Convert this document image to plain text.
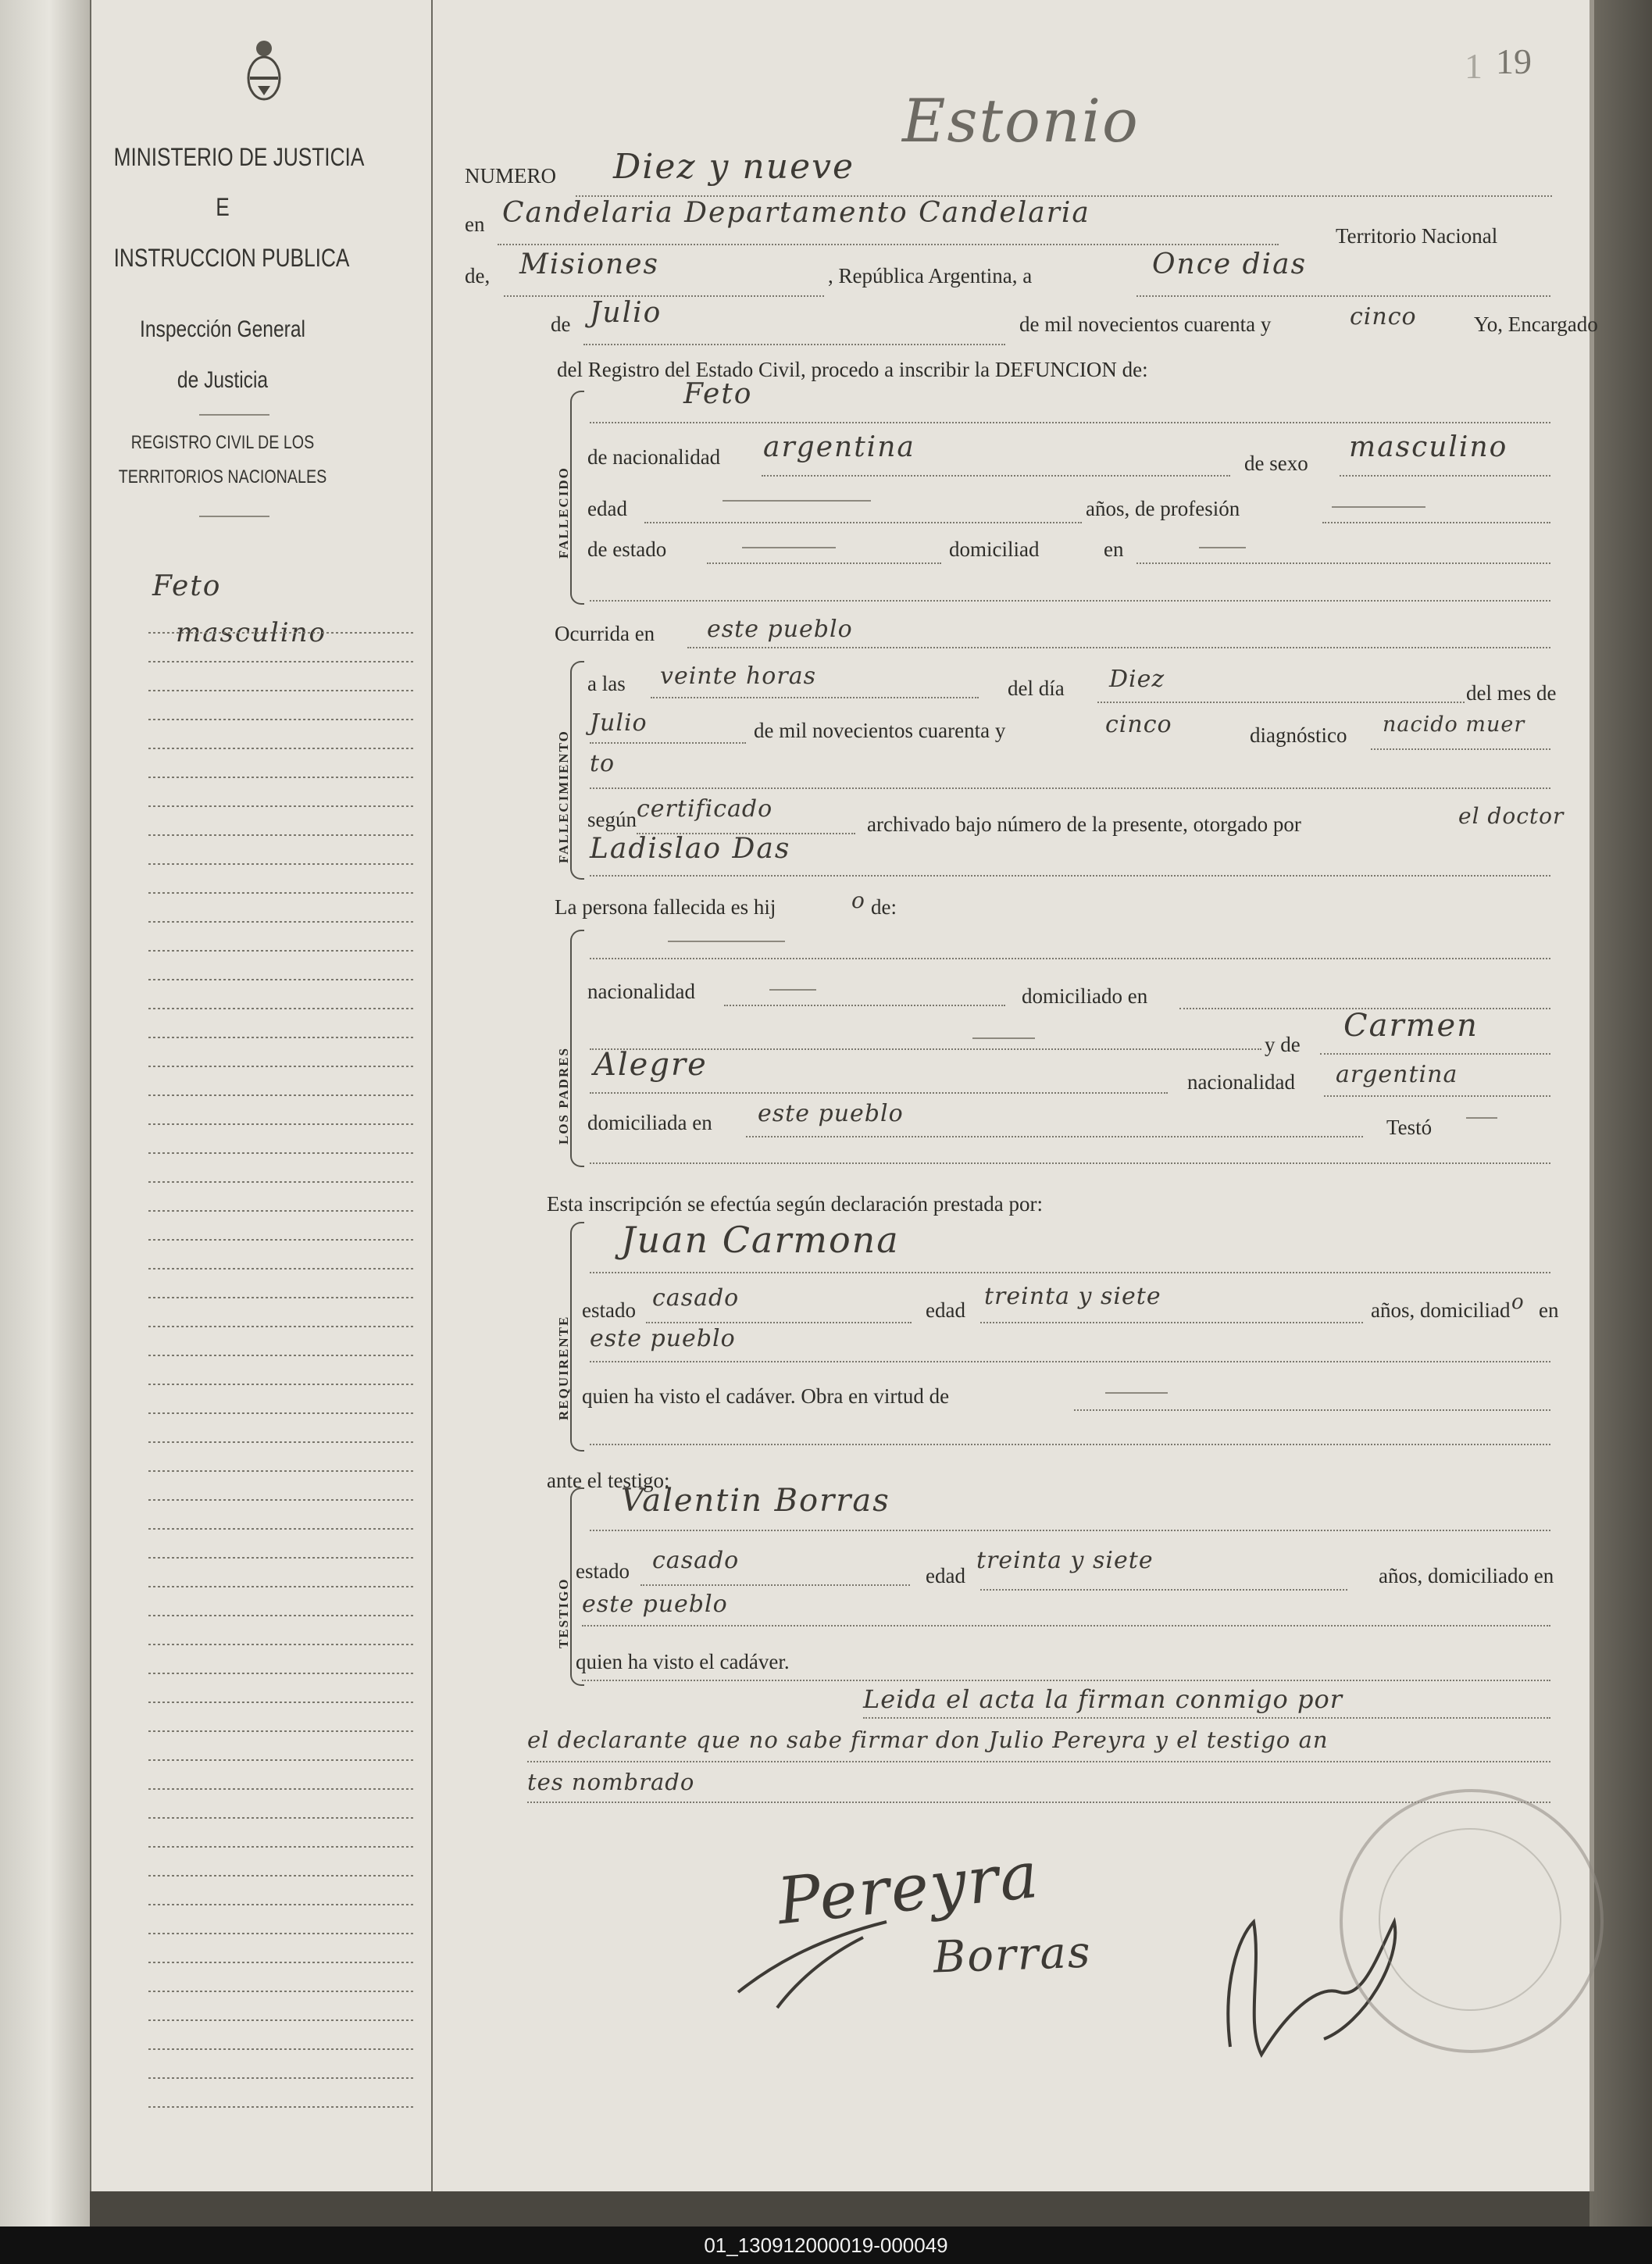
MINISTERIO DE JUSTICIA
E
INSTRUCCION PUBLICA
Inspección General
de Justicia
REGISTRO CIVIL DE LOS
TERRITORIOS NACIONALES
Feto
masculino
1 19
Estonio
NUMERO Diez y nueve
en Candelaria Departamento Candelaria
Territorio Nacional
de, Misiones	, República Argentina, a	Once dias
de Julio	de mil novecientos cuarenta y	cinco	Yo, Encargado
del Registro del Estado Civil, procedo a inscribir la DEFUNCION de:
FALLECIDO
Feto
de nacionalidad argentina	de sexo masculino
edad	años, de profesión
de estado	domiciliad	en
Ocurrida en este pueblo
FALLECIMIENTO
a las veinte horas	del día Diez	del mes de
Julio	de mil novecientos cuarenta y	cinco	diagnóstico nacido muer
to
según certificado
archivado bajo número de la presente, otorgado por	el doctor
Ladislao Das
La persona fallecida es hij	o de:
LOS PADRES
nacionalidad	domiciliado en
y de
Carmen
Alegre	nacionalidad argentina
domiciliada en este pueblo	Testó
Esta inscripción se efectúa según declaración prestada por:
REQUIRENTE
Juan Carmona
estado casado	edad treinta y siete	años, domiciliad o en
este pueblo
quien ha visto el cadáver. Obra en virtud de
ante el testigo:
TESTIGO
Valentin Borras
estado casado
edad
treinta y siete
años, domiciliado en
este pueblo
quien ha visto el cadáver.
Leida el acta la firman conmigo por
el declarante que no sabe firmar don Julio Pereyra y el testigo an
tes nombrado
Pereyra
Borras
01_130912000019-000049
